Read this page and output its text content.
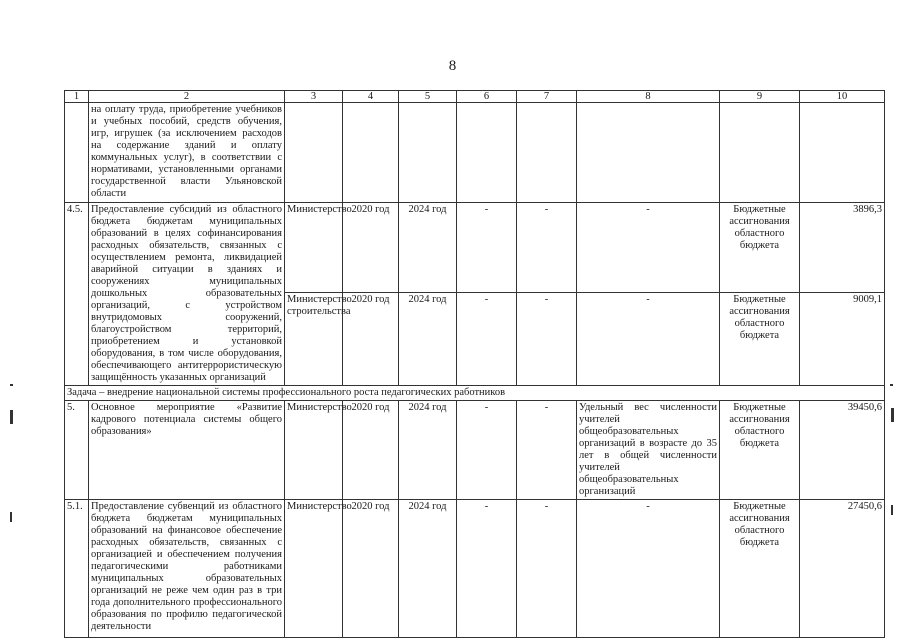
8
1	2	3	4	5	6	7	8	9	10
	на оплату труда, приобретение учебников и учебных пособий, средств обучения, игр, игрушек (за исключением расходов на содержание зданий и оплату коммунальных услуг), в соответствии с нормативами, установленными органами государственной власти Ульяновской области								
4.5.	Предоставление субсидий из областного бюджета бюджетам муниципальных образований в целях софинансирования расходных обязательств, связанных с осуществлением ремонта, ликвидацией аварийной ситуации в зданиях и сооружениях муниципальных дошкольных образовательных организаций, с устройством внутридомовых сооружений, благоустройством территорий, приобретением и установкой оборудования, в том числе оборудования, обеспечивающего антитеррористическую защищённость указанных организаций	Министерство	2020 год	2024 год	-	-	-	Бюджетные ассигнования областного бюджета	3896,3
		Министерство строительства	2020 год	2024 год	-	-	-	Бюджетные ассигнования областного бюджета	9009,1
Задача – внедрение национальной системы профессионального роста педагогических работников									
5.	Основное мероприятие «Развитие кадрового потенциала системы общего образования»	Министерство	2020 год	2024 год	-	-	Удельный вес численности учителей общеобразовательных организаций в возрасте до 35 лет в общей численности учителей общеобразовательных организаций	Бюджетные ассигнования областного бюджета	39450,6
5.1.	Предоставление субвенций из областного бюджета бюджетам муниципальных образований на финансовое обеспечение расходных обязательств, связанных с организацией и обеспечением получения педагогическими работниками муниципальных образовательных организаций не реже чем один раз в три года дополнительного профессионального образования по профилю педагогической деятельности	Министерство	2020 год	2024 год	-	-	-	Бюджетные ассигнования областного бюджета	27450,6
